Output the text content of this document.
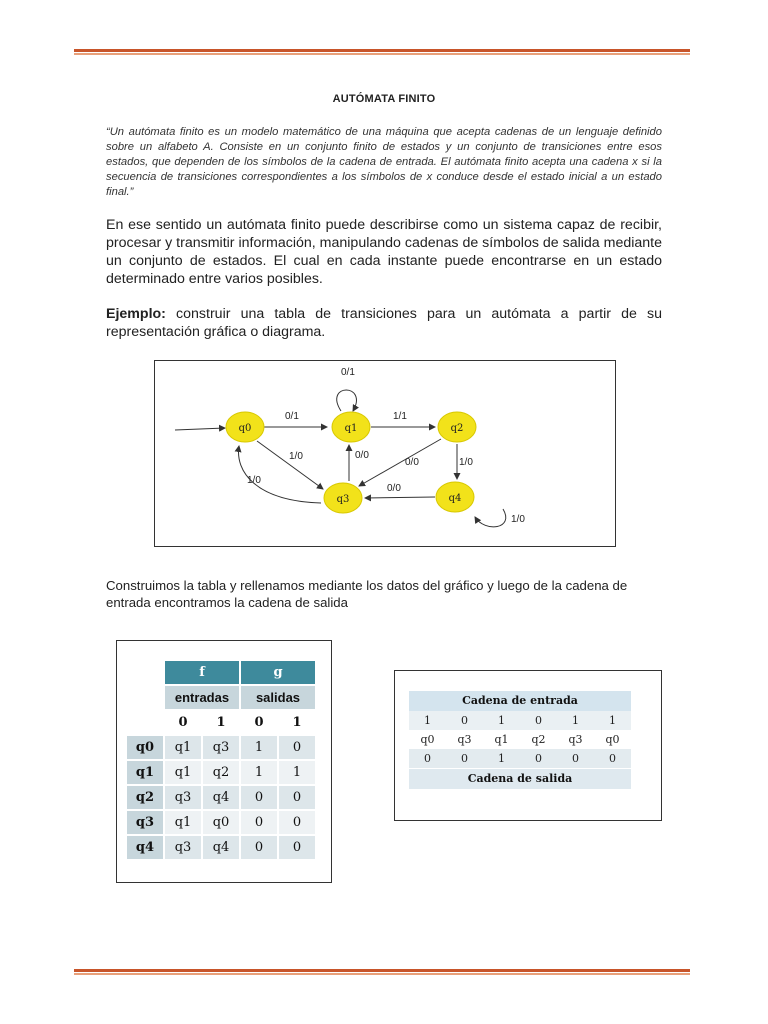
AUTÓMATA FINITO
“Un autómata finito es un modelo matemático de una máquina que acepta cadenas de un lenguaje definido sobre un alfabeto A. Consiste en un conjunto finito de estados y un conjunto de transiciones entre esos estados, que dependen de los símbolos de la cadena de entrada. El autómata finito acepta una cadena x si la secuencia de transiciones correspondientes a los símbolos de x conduce desde el estado inicial a un estado final.”
En ese sentido un autómata finito puede describirse como un sistema capaz de recibir, procesar y transmitir información, manipulando cadenas de símbolos de salida mediante un conjunto de estados. El cual en cada instante puede encontrarse en un estado determinado entre varios posibles.
Ejemplo: construir una tabla de transiciones para un autómata a partir de su representación gráfica o diagrama.
0/1
0/1
1/1
0/0	1/0
0/0
1/0
1/0
0/0
1/0
q0	q1	q2
q3	q4
Construimos la tabla y rellenamos mediante los datos del gráfico y luego de la cadena de entrada encontramos la cadena de salida
	f		g	
	entradas		salidas	
	0	1	0	1
q0	q1	q3	1	0
q1	q1	q2	1	1
q2	q3	q4	0	0
q3	q1	q0	0	0
q4	q3	q4	0	0
Cadena de entrada
1	0	1	0	1	1
q0	q3	q1	q2	q3	q0
0	0	1	0	0	0
Cadena de salida
